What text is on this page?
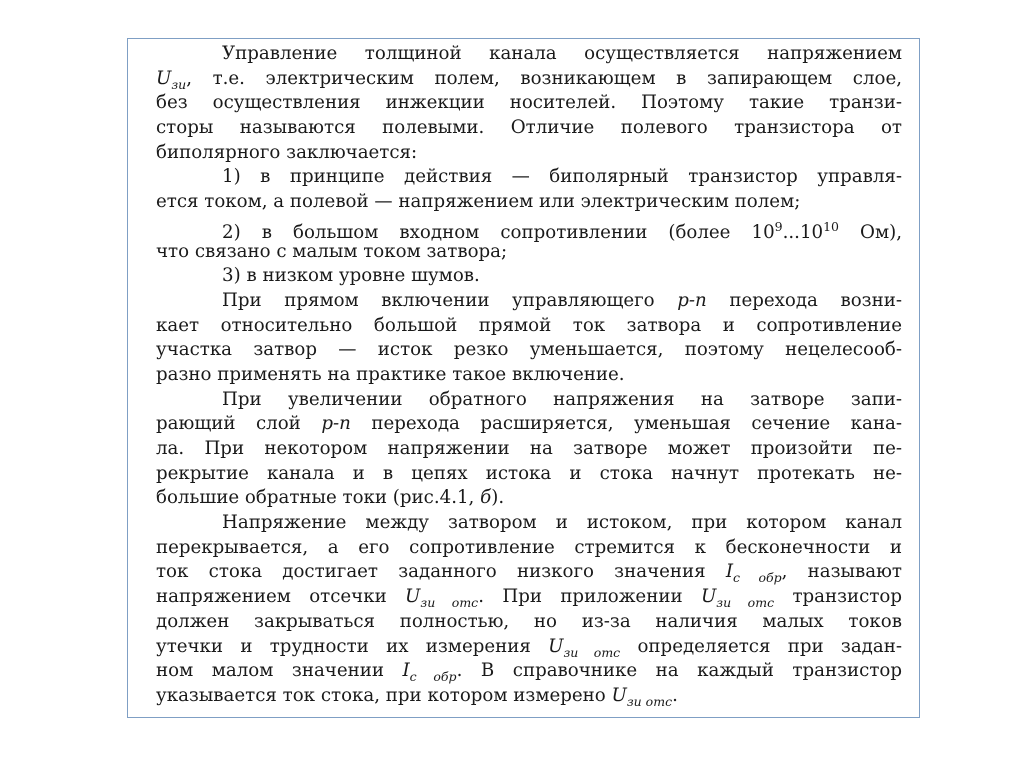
Управление толщиной канала осуществляется напряжением
$U_{зи}$, т.е. электрическим полем, возникающем в запирающем слое,
без осуществления инжекции носителей. Поэтому такие транзи-
сторы называются полевыми. Отличие полевого транзистора от
биполярного заключается:
1) в принципе действия — биполярный транзистор управля-
ется током, а полевой — напряжением или электрическим полем;
2) в большом входном сопротивлении (более $10^9...10^{10}$ Ом),
что связано с малым током затвора;
3) в низком уровне шумов.
При прямом включении управляющего p-n перехода возни-
кает относительно большой прямой ток затвора и сопротивление
участка затвор — исток резко уменьшается, поэтому нецелесооб-
разно применять на практике такое включение.
При увеличении обратного напряжения на затворе запи-
рающий слой p-n перехода расширяется, уменьшая сечение кана-
ла. При некотором напряжении на затворе может произойти пе-
рекрытие канала и в цепях истока и стока начнут протекать не-
большие обратные токи (рис.4.1, б).
Напряжение между затвором и истоком, при котором канал
перекрывается, а его сопротивление стремится к бесконечности и
ток стока достигает заданного низкого значения $I_{с обр}$, называют
напряжением отсечки $U_{зи отс}$. При приложении $U_{зи отс}$ транзистор
должен закрываться полностью, но из-за наличия малых токов
утечки и трудности их измерения $U_{зи отс}$ определяется при задан-
ном малом значении $I_{с обр}$. В справочнике на каждый транзистор
указывается ток стока, при котором измерено $U_{зи отс}$.
